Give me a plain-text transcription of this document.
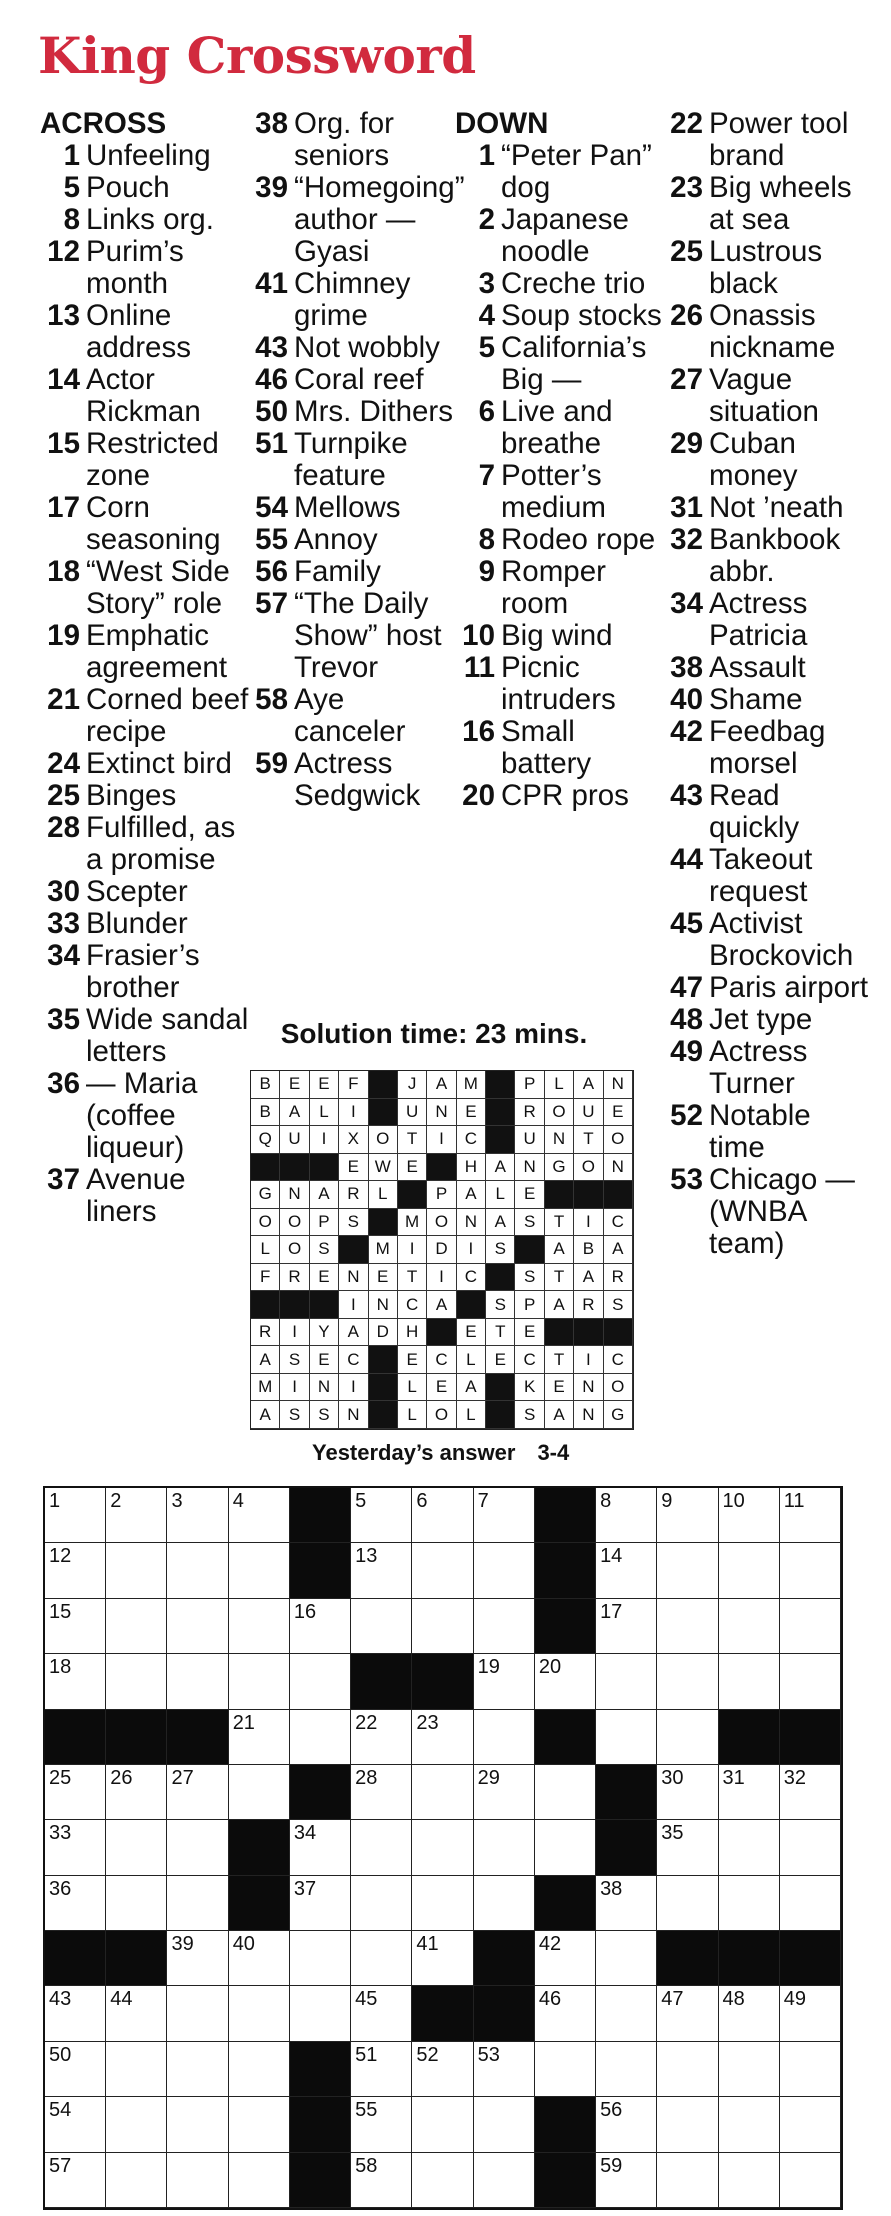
King Crossword
ACROSS
1 Unfeeling
5 Pouch
8 Links org.
12 Purim’s month
13 Online address
14 Actor Rickman
15 Restricted zone
17 Corn seasoning
18 “West Side Story” role
19 Emphatic agreement
21 Corned beef recipe
24 Extinct bird
25 Binges
28 Fulfilled, as a promise
30 Scepter
33 Blunder
34 Frasier’s brother
35 Wide sandal letters
36 — Maria (coffee liqueur)
37 Avenue liners
38 Org. for seniors
39 “Homegoing” author — Gyasi
41 Chimney grime
43 Not wobbly
46 Coral reef
50 Mrs. Dithers
51 Turnpike feature
54 Mellows
55 Annoy
56 Family
57 “The Daily Show” host Trevor
58 Aye canceler
59 Actress Sedgwick
DOWN
1 “Peter Pan” dog
2 Japanese noodle
3 Creche trio
4 Soup stocks
5 California’s Big —
6 Live and breathe
7 Potter’s medium
8 Rodeo rope
9 Romper room
10 Big wind
11 Picnic intruders
16 Small battery
20 CPR pros
22 Power tool brand
23 Big wheels at sea
25 Lustrous black
26 Onassis nickname
27 Vague situation
29 Cuban money
31 Not ’neath
32 Bankbook abbr.
34 Actress Patricia
38 Assault
40 Shame
42 Feedbag morsel
43 Read quickly
44 Takeout request
45 Activist Brockovich
47 Paris airport
48 Jet type
49 Actress Turner
52 Notable time
53 Chicago — (WNBA team)
Solution time: 23 mins.
B	E	E	F	J	A M	P	L	A	N
B	A	L	I	U	N	E	R O U	E
Q U	I	X	O	T	I	C	U	N	T	O
E W E	H	A	N G O N
G N	A	R	L	P	A	L	E
O O	P	S	M O N	A	S	T	I	C
L	O	S	M	I	D	I	S	A	B	A
F	R	E	N	E	T	I	C	S	T	A	R
I	N	C	A	S	P	A	R	S
R	I	Y	A	D	H	E	T	E
A	S	E	C	E	C	L	E	C	T	I	C
M	I	N	I	L	E	A	K	E	N O
A	S	S	N	L	O	L	S	A	N G
Yesterday’s answer 3-4
1	2	3	4	5	6	7	8	9	10 11
12	13	14
15	16	17
18	19 20
21	22 23
25 26 27	28	29	30 31 32
33	34	35
36	37	38
39 40	41	42
43 44	45	46	47 48 49
50	51 52 53
54	55	56
57	58	59
